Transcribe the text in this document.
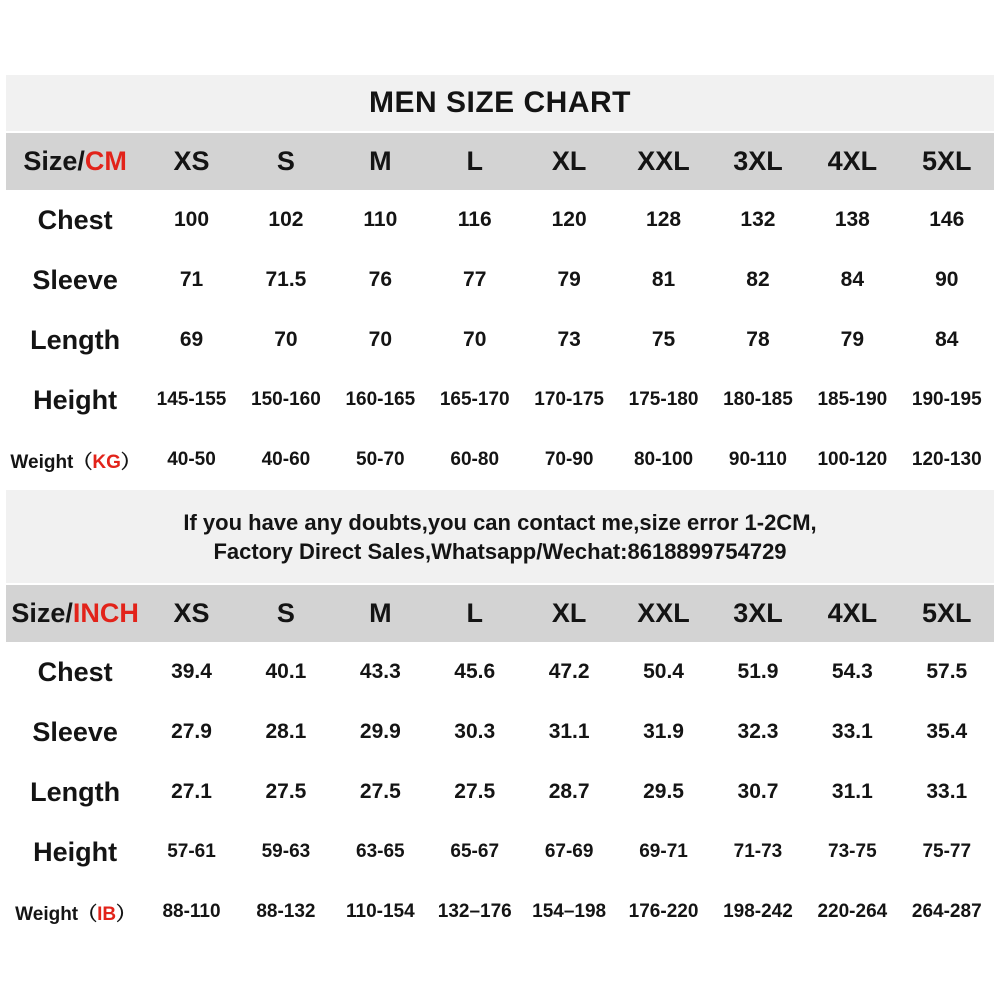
MEN SIZE CHART
Size/CM	XS	S	M	L	XL	XXL	3XL	4XL	5XL
Chest	100	102	110	116	120	128	132	138	146
Sleeve	71	71.5	76	77	79	81	82	84	90
Length	69	70	70	70	73	75	78	79	84
Height	145-155	150-160	160-165	165-170	170-175	175-180	180-185	185-190	190-195
Weight（KG）	40-50	40-60	50-70	60-80	70-90	80-100	90-110	100-120	120-130
If you have any doubts,you can contact me,size error 1-2CM,
Factory Direct Sales,Whatsapp/Wechat:8618899754729
Size/INCH	XS	S	M	L	XL	XXL	3XL	4XL	5XL
Chest	39.4	40.1	43.3	45.6	47.2	50.4	51.9	54.3	57.5
Sleeve	27.9	28.1	29.9	30.3	31.1	31.9	32.3	33.1	35.4
Length	27.1	27.5	27.5	27.5	28.7	29.5	30.7	31.1	33.1
Height	57-61	59-63	63-65	65-67	67-69	69-71	71-73	73-75	75-77
Weight（IB）	88-110	88-132	110-154	132–176	154–198	176-220	198-242	220-264	264-287
